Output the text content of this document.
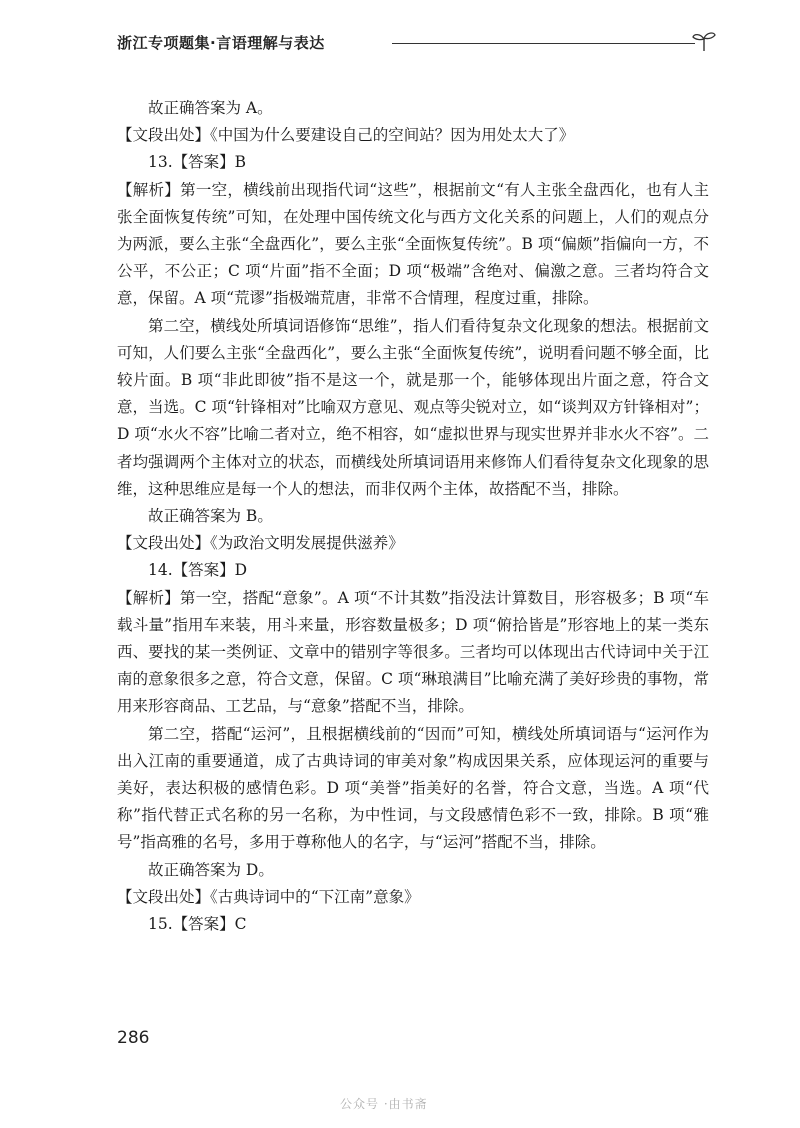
浙江专项题集·言语理解与表达

故正确答案为 A。

【文段出处】《中国为什么要建设自己的空间站？因为用处太大了》

13.【答案】B

【解析】第一空，横线前出现指代词“这些”，根据前文“有人主张全盘西化，也有人主张全面恢复传统”可知，在处理中国传统文化与西方文化关系的问题上，人们的观点分为两派，要么主张“全盘西化”，要么主张“全面恢复传统”。B 项“偏颇”指偏向一方，不公平，不公正；C 项“片面”指不全面；D 项“极端”含绝对、偏激之意。三者均符合文意，保留。A 项“荒谬”指极端荒唐，非常不合情理，程度过重，排除。

第二空，横线处所填词语修饰“思维”，指人们看待复杂文化现象的想法。根据前文可知，人们要么主张“全盘西化”，要么主张“全面恢复传统”，说明看问题不够全面，比较片面。B 项“非此即彼”指不是这一个，就是那一个，能够体现出片面之意，符合文意，当选。C 项“针锋相对”比喻双方意见、观点等尖锐对立，如“谈判双方针锋相对”；D 项“水火不容”比喻二者对立，绝不相容，如“虚拟世界与现实世界并非水火不容”。二者均强调两个主体对立的状态，而横线处所填词语用来修饰人们看待复杂文化现象的思维，这种思维应是每一个人的想法，而非仅两个主体，故搭配不当，排除。

故正确答案为 B。

【文段出处】《为政治文明发展提供滋养》

14.【答案】D

【解析】第一空，搭配“意象”。A 项“不计其数”指没法计算数目，形容极多；B 项“车载斗量”指用车来装，用斗来量，形容数量极多；D 项“俯拾皆是”形容地上的某一类东西、要找的某一类例证、文章中的错别字等很多。三者均可以体现出古代诗词中关于江南的意象很多之意，符合文意，保留。C 项“琳琅满目”比喻充满了美好珍贵的事物，常用来形容商品、工艺品，与“意象”搭配不当，排除。

第二空，搭配“运河”，且根据横线前的“因而”可知，横线处所填词语与“运河作为出入江南的重要通道，成了古典诗词的审美对象”构成因果关系，应体现运河的重要与美好，表达积极的感情色彩。D 项“美誉”指美好的名誉，符合文意，当选。A 项“代称”指代替正式名称的另一名称，为中性词，与文段感情色彩不一致，排除。B 项“雅号”指高雅的名号，多用于尊称他人的名字，与“运河”搭配不当，排除。

故正确答案为 D。

【文段出处】《古典诗词中的“下江南”意象》

15.【答案】C

286
公众号 ·由书斋
